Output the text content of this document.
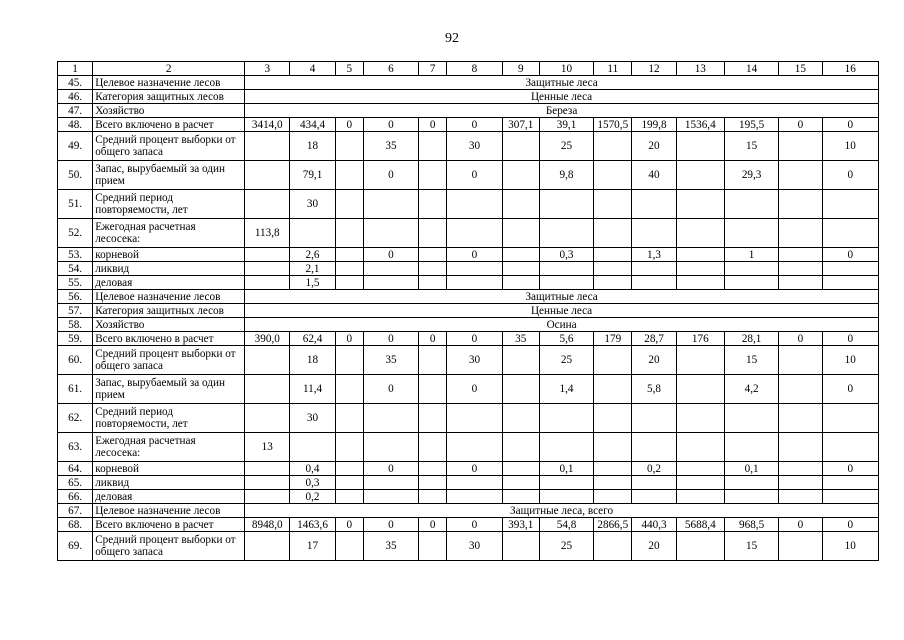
92
1	2	3	4	5	6	7	8	9	10	11	12	13	14	15	16
45.	Целевое назначение лесов	Защитные леса													
46.	Категория защитных лесов	Ценные леса													
47.	Хозяйство	Береза													
48.	Всего включено в расчет	3414,0	434,4	0	0	0	0	307,1	39,1	1570,5	199,8	1536,4	195,5	0	0
49.	Средний процент выборки от общего запаса		18		35		30		25		20		15		10
50.	Запас, вырубаемый за один прием		79,1		0		0		9,8		40		29,3		0
51.	Средний период повторяемости, лет		30												
52.	Ежегодная расчетная лесосека:	113,8													
53.	корневой		2,6		0		0		0,3		1,3		1		0
54.	ликвид		2,1												
55.	деловая		1,5												
56.	Целевое назначение лесов	Защитные леса													
57.	Категория защитных лесов	Ценные леса													
58.	Хозяйство	Осина													
59.	Всего включено в расчет	390,0	62,4	0	0	0	0	35	5,6	179	28,7	176	28,1	0	0
60.	Средний процент выборки от общего запаса		18		35		30		25		20		15		10
61.	Запас, вырубаемый за один прием		11,4		0		0		1,4		5,8		4,2		0
62.	Средний период повторяемости, лет		30												
63.	Ежегодная расчетная лесосека:	13													
64.	корневой		0,4		0		0		0,1		0,2		0,1		0
65.	ликвид		0,3												
66.	деловая		0,2												
67.	Целевое назначение лесов	Защитные леса, всего													
68.	Всего включено в расчет	8948,0	1463,6	0	0	0	0	393,1	54,8	2866,5	440,3	5688,4	968,5	0	0
69.	Средний процент выборки от общего запаса		17		35		30		25		20		15		10
